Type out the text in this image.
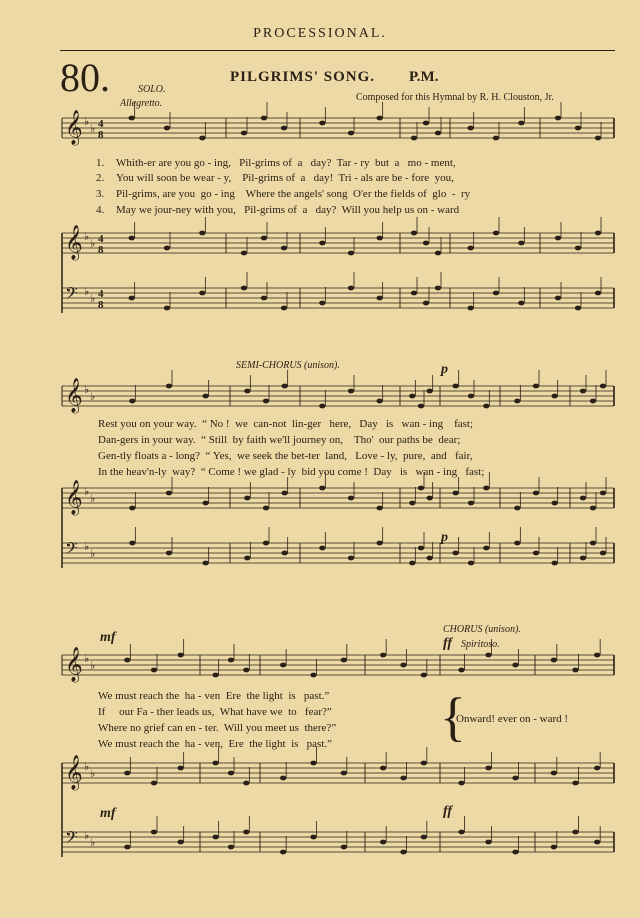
PROCESSIONAL.
80.	PILGRIMS' SONG. P.M.
Composed for this Hymnal by R. H. Clouston, Jr.
SOLO.
Allegretto.
𝄞 ♭
♭
𝄞 ♭
♭
𝄢 ♭
♭
𝄞 ♭
♭
𝄞 ♭
♭
𝄢 ♭
♭
𝄞 ♭
♭
𝄞 ♭
♭
𝄢 ♭
♭
4
8
4
8
4
8
1. Whith-er are you go - ing,   Pil-grims of  a   day?  Tar - ry  but  a   mo - ment,
2. You will soon be wear - y,    Pil-grims of  a   day!  Tri - als are be - fore  you,
3. Pil-grims, are you  go - ing    Where the angels' song  O'er the fields of  glo  -  ry
4. May we jour-ney with you,   Pil-grims of  a   day?  Will you help us on - ward
SEMI-CHORUS (unison).	p
p
Rest you on your way.  “ No !  we  can-not  lin-ger   here,   Day   is   wan - ing    fast;
Dan-gers in your way.  “ Still  by faith we'll journey on,    Tho'  our paths be  dear;
Gen-tly floats a - long?  “ Yes,  we seek the bet-ter  land,   Love - ly,  pure,  and   fair,
In the heav'n-ly  way?  “ Come ! we glad - ly  bid you come !  Day   is   wan - ing   fast;
mf
CHORUS (unison).
ff Spiritoso.
ff
mf
We must reach the  ha - ven  Ere  the light  is   past.”
If     our Fa - ther leads us,  What have we  to   fear?”
Where no grief can en - ter.  Will you meet us  there?”
We must reach the  ha - ven,  Ere  the light  is   past.” {
Onward! ever on - ward !
